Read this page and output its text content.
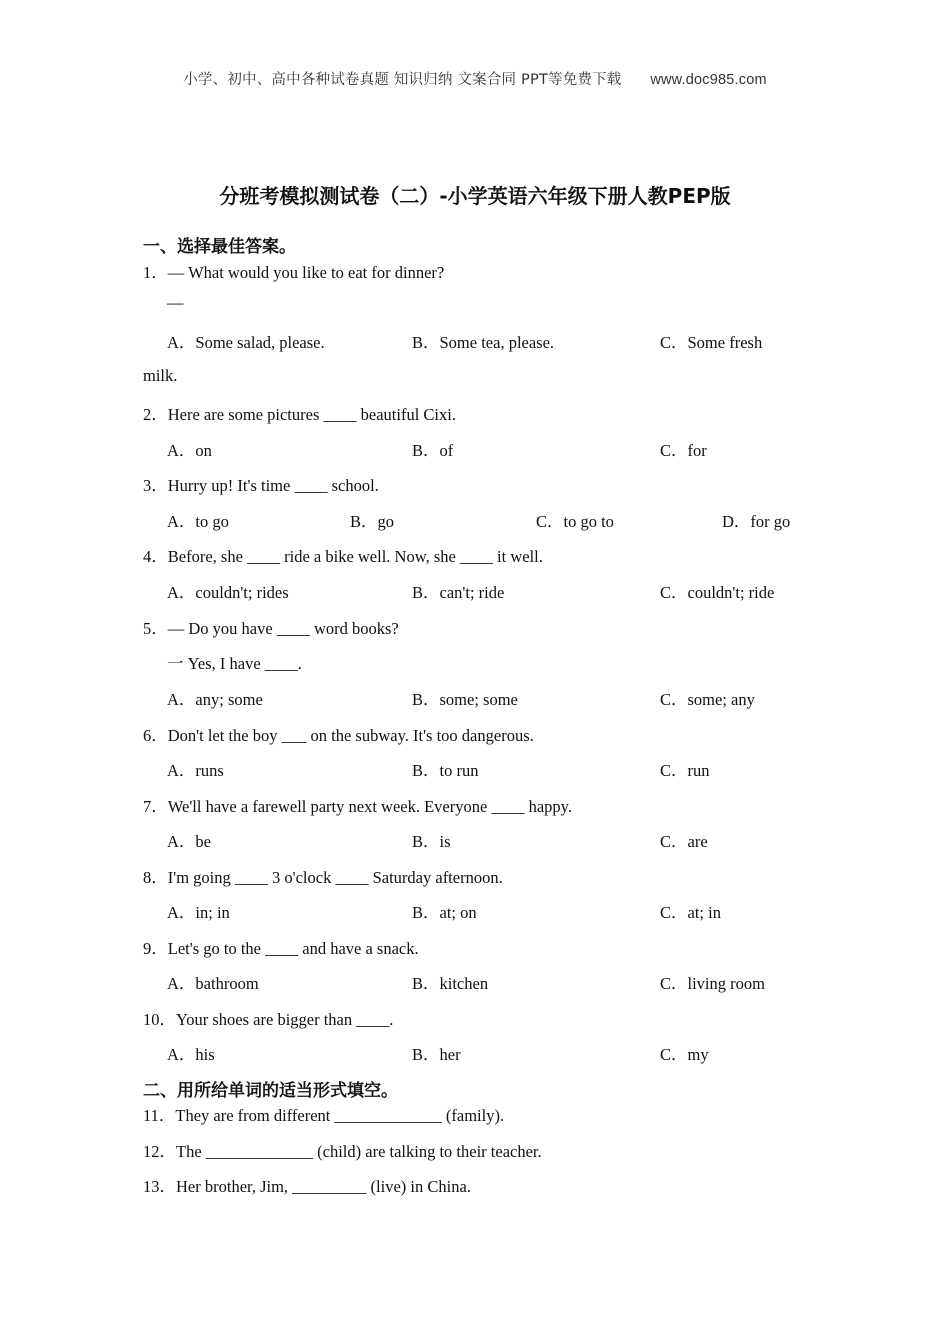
小学、初中、高中各种试卷真题 知识归纳 文案合同 PPT等免费下载 www.doc985.com
分班考模拟测试卷（二）-小学英语六年级下册人教PEP版
一、选择最佳答案。
1．— What would you like to eat for dinner?
—
A．Some salad, please.	B．Some tea, please.	C．Some fresh
milk.
2．Here are some pictures ____ beautiful Cixi.
A．on	B．of	C．for
3．Hurry up! It's time ____ school.
A．to go	B．go	C．to go to	D．for go
4．Before, she ____ ride a bike well. Now, she ____ it well.
A．couldn't; rides	B．can't; ride	C．couldn't; ride
5．— Do you have ____ word books?
一 Yes, I have ____.
A．any; some	B．some; some	C．some; any
6．Don't let the boy ___ on the subway. It's too dangerous.
A．runs	B．to run	C．run
7．We'll have a farewell party next week. Everyone ____ happy.
A．be	B．is	C．are
8．I'm going ____ 3 o'clock ____ Saturday afternoon.
A．in; in	B．at; on	C．at; in
9．Let's go to the ____ and have a snack.
A．bathroom	B．kitchen	C．living room
10．Your shoes are bigger than ____.
A．his	B．her	C．my
二、用所给单词的适当形式填空。
11．They are from different _____________ (family).
12．The _____________ (child) are talking to their teacher.
13．Her brother, Jim, _________ (live) in China.
